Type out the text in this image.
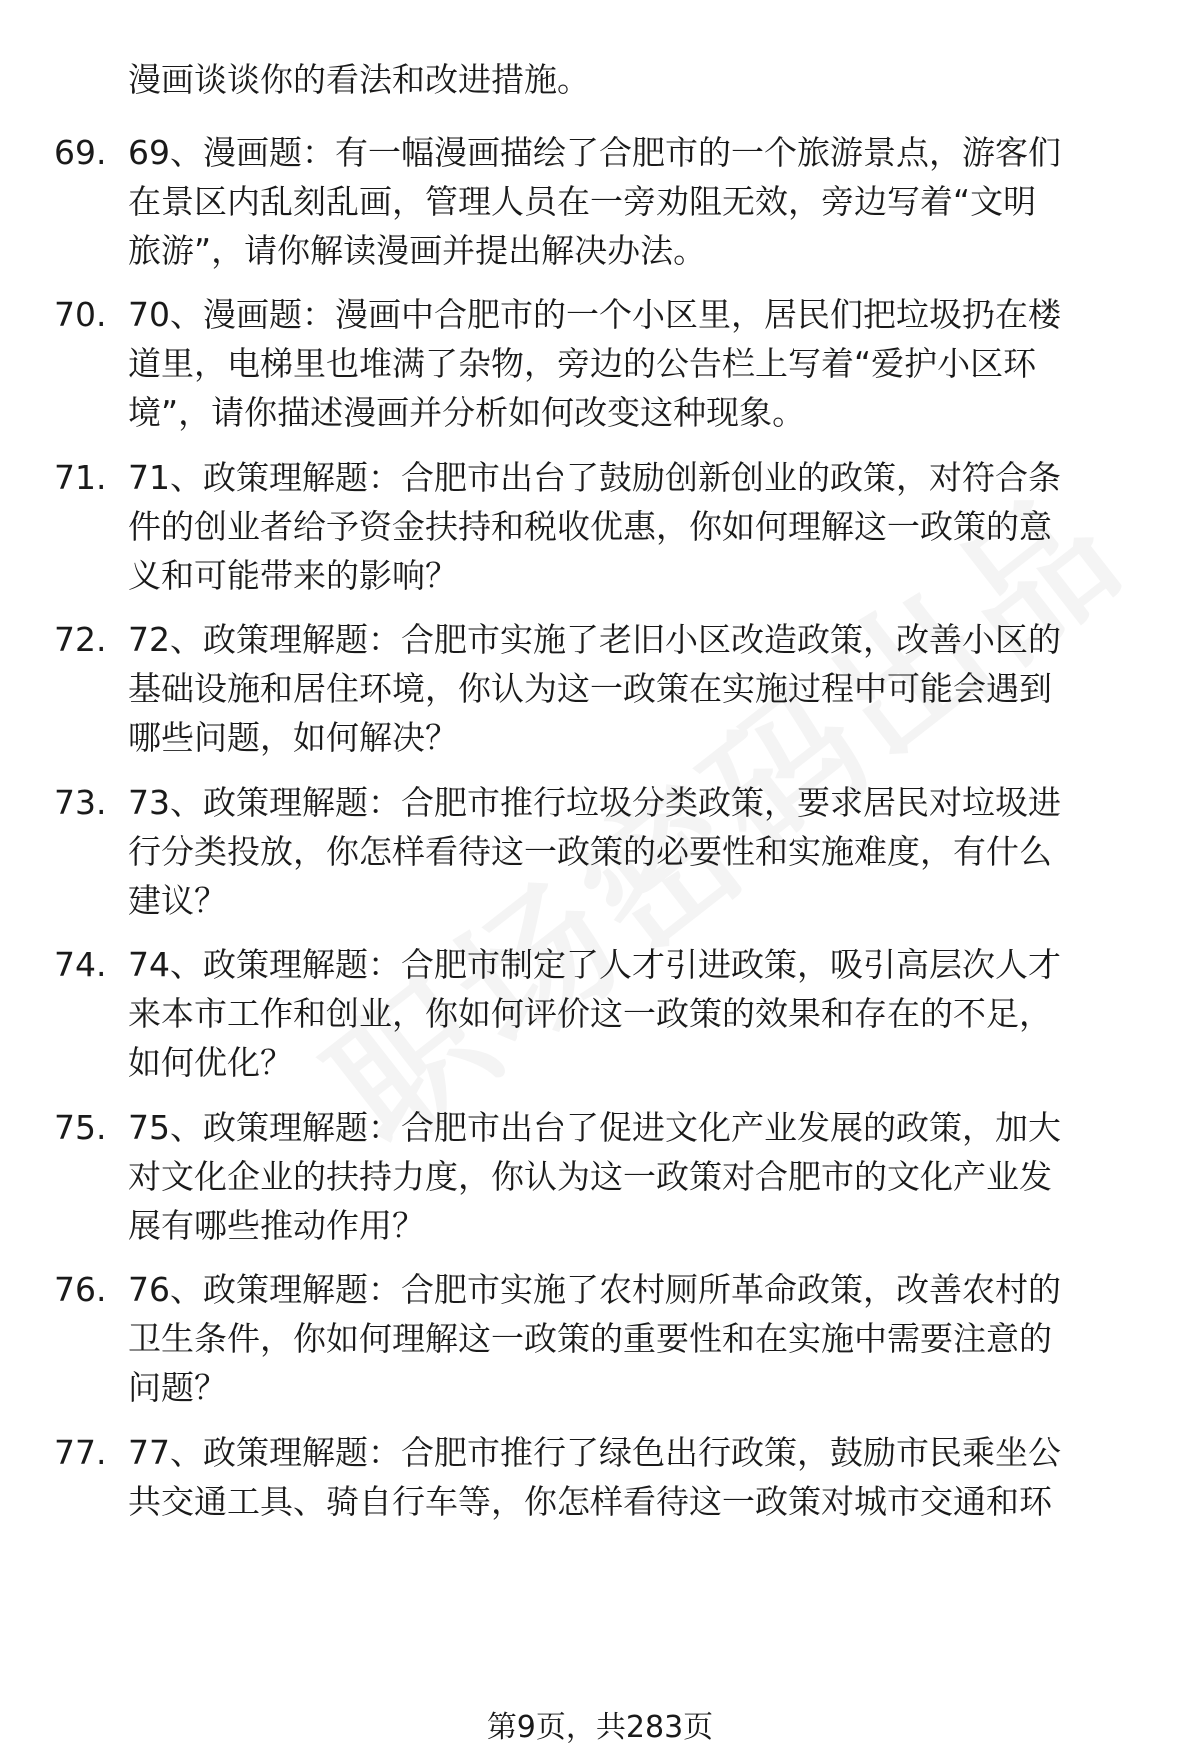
漫画谈谈你的看法和改进措施。
69. 69、漫画题：有一幅漫画描绘了合肥市的一个旅游景点，游客们
在景区内乱刻乱画，管理人员在一旁劝阻无效，旁边写着“文明
旅游”，请你解读漫画并提出解决办法。
70. 70、漫画题：漫画中合肥市的一个小区里，居民们把垃圾扔在楼
道里，电梯里也堆满了杂物，旁边的公告栏上写着“爱护小区环
境”，请你描述漫画并分析如何改变这种现象。
71. 71、政策理解题：合肥市出台了鼓励创新创业的政策，对符合条
件的创业者给予资金扶持和税收优惠，你如何理解这一政策的意
义和可能带来的影响？
72. 72、政策理解题：合肥市实施了老旧小区改造政策，改善小区的
基础设施和居住环境，你认为这一政策在实施过程中可能会遇到
哪些问题，如何解决？
73. 73、政策理解题：合肥市推行垃圾分类政策，要求居民对垃圾进
行分类投放，你怎样看待这一政策的必要性和实施难度，有什么
建议？
74. 74、政策理解题：合肥市制定了人才引进政策，吸引高层次人才
来本市工作和创业，你如何评价这一政策的效果和存在的不足，
如何优化？
75. 75、政策理解题：合肥市出台了促进文化产业发展的政策，加大
对文化企业的扶持力度，你认为这一政策对合肥市的文化产业发
展有哪些推动作用？
76. 76、政策理解题：合肥市实施了农村厕所革命政策，改善农村的
卫生条件，你如何理解这一政策的重要性和在实施中需要注意的
问题？
77. 77、政策理解题：合肥市推行了绿色出行政策，鼓励市民乘坐公
共交通工具、骑自行车等，你怎样看待这一政策对城市交通和环
第9页，共283页
